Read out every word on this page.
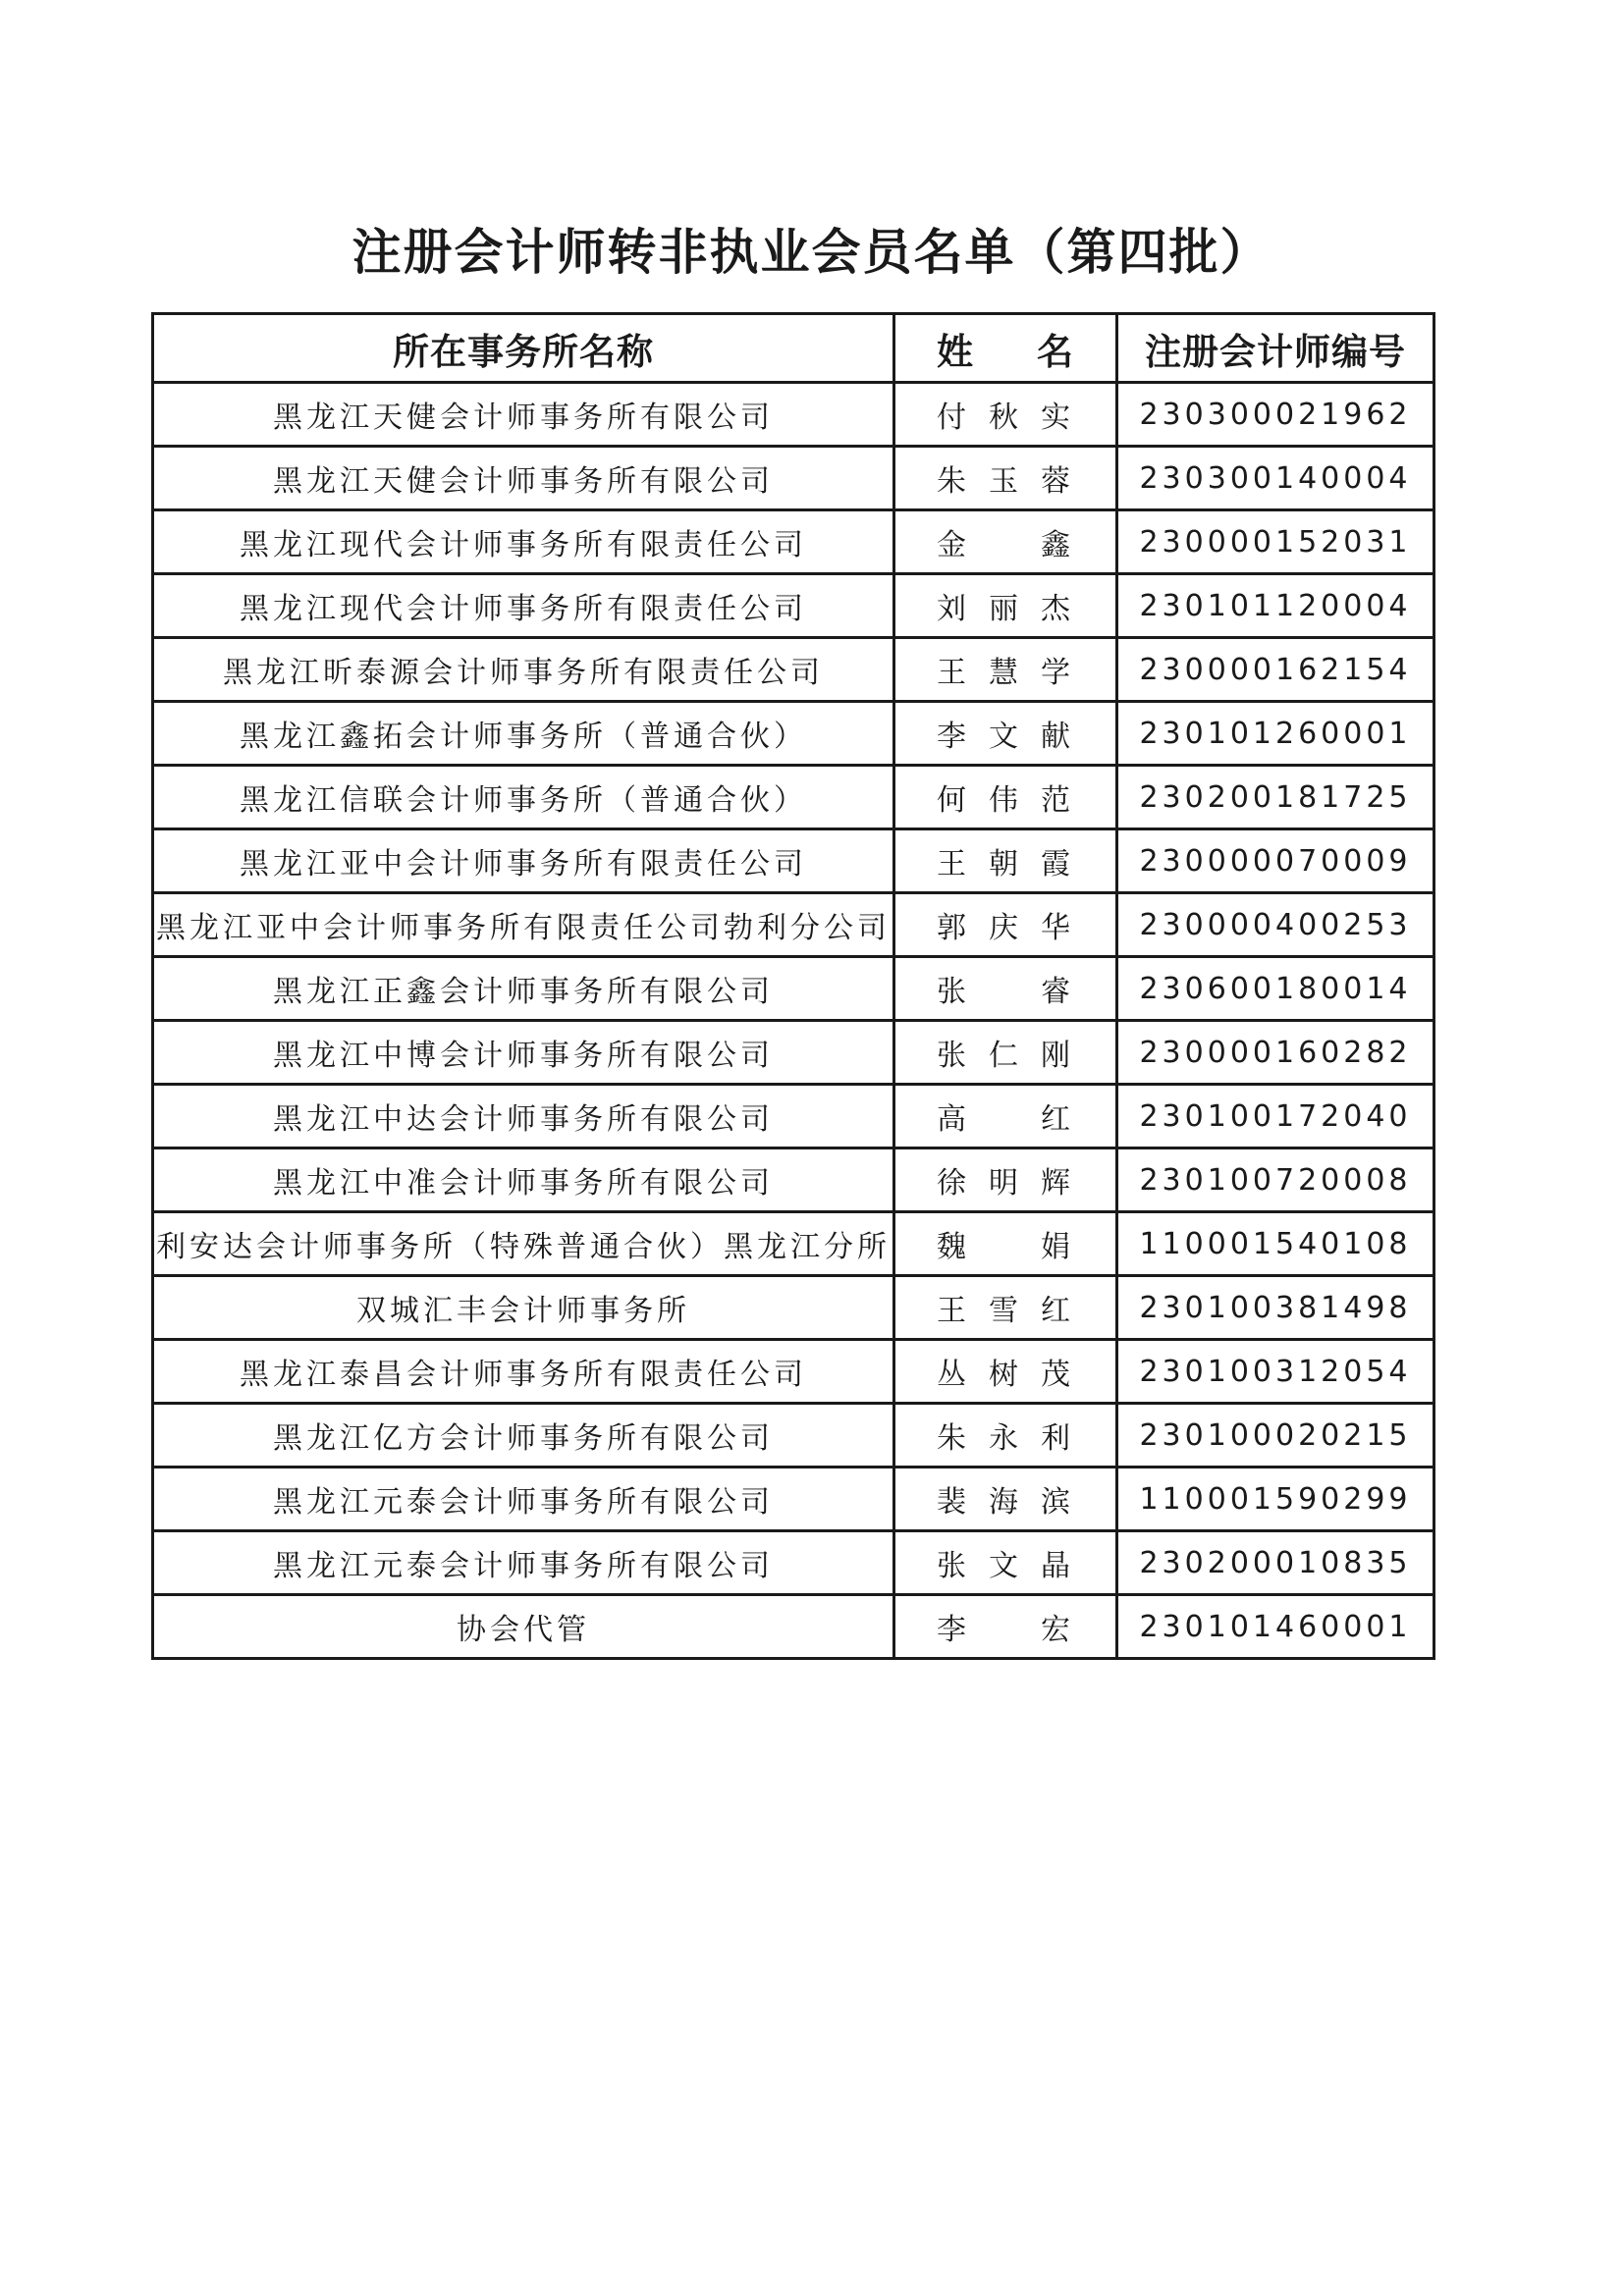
注册会计师转非执业会员名单（第四批）
所在事务所名称	姓 名	注册会计师编号
黑龙江天健会计师事务所有限公司	付 秋 实	230300021962
黑龙江天健会计师事务所有限公司	朱 玉 蓉	230300140004
黑龙江现代会计师事务所有限责任公司	金 鑫	230000152031
黑龙江现代会计师事务所有限责任公司	刘 丽 杰	230101120004
黑龙江昕泰源会计师事务所有限责任公司	王 慧 学	230000162154
黑龙江鑫拓会计师事务所（普通合伙）	李 文 献	230101260001
黑龙江信联会计师事务所（普通合伙）	何 伟 范	230200181725
黑龙江亚中会计师事务所有限责任公司	王 朝 霞	230000070009
黑龙江亚中会计师事务所有限责任公司勃利分公司	郭 庆 华	230000400253
黑龙江正鑫会计师事务所有限公司	张 睿	230600180014
黑龙江中博会计师事务所有限公司	张 仁 刚	230000160282
黑龙江中达会计师事务所有限公司	高 红	230100172040
黑龙江中准会计师事务所有限公司	徐 明 辉	230100720008
利安达会计师事务所（特殊普通合伙）黑龙江分所	魏 娟	110001540108
双城汇丰会计师事务所	王 雪 红	230100381498
黑龙江泰昌会计师事务所有限责任公司	丛 树 茂	230100312054
黑龙江亿方会计师事务所有限公司	朱 永 利	230100020215
黑龙江元泰会计师事务所有限公司	裴 海 滨	110001590299
黑龙江元泰会计师事务所有限公司	张 文 晶	230200010835
协会代管	李 宏	230101460001
